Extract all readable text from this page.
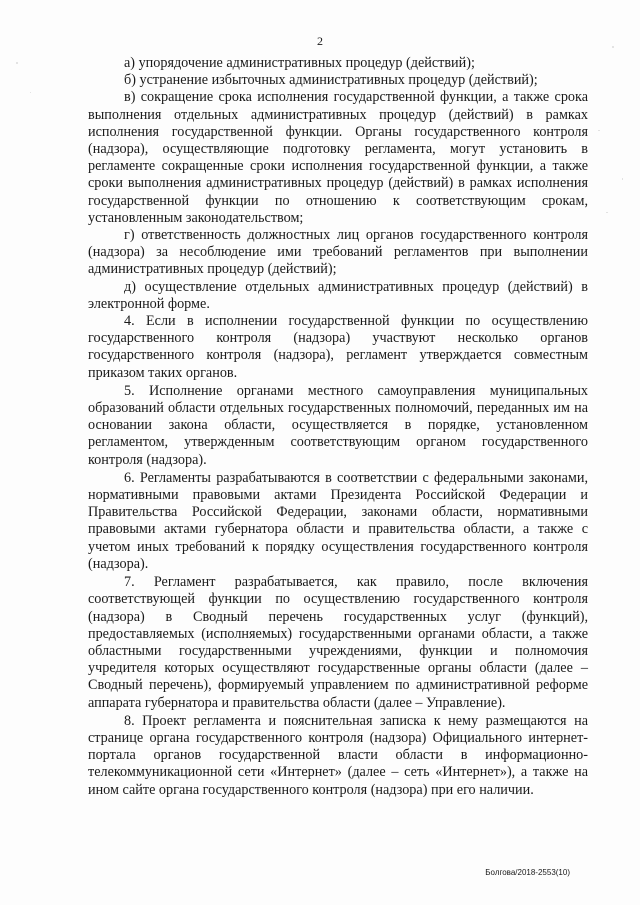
2

а) упорядочение административных процедур (действий);

б) устранение избыточных административных процедур (действий);

в) сокращение срока исполнения государственной функции, а также срока выполнения отдельных административных процедур (действий) в рамках исполнения государственной функции. Органы государственного контроля (надзора), осуществляющие подготовку регламента, могут установить в регламенте сокращенные сроки исполнения государственной функции, а также сроки выполнения административных процедур (действий) в рамках исполнения государственной функции по отношению к соответствующим срокам, установленным законодательством;

г) ответственность должностных лиц органов государственного контроля (надзора) за несоблюдение ими требований регламентов при выполнении административных процедур (действий);

д) осуществление отдельных административных процедур (действий) в электронной форме.

4. Если в исполнении государственной функции по осуществлению государственного контроля (надзора) участвуют несколько органов государственного контроля (надзора), регламент утверждается совместным приказом таких органов.

5. Исполнение органами местного самоуправления муниципальных образований области отдельных государственных полномочий, переданных им на основании закона области, осуществляется в порядке, установленном регламентом, утвержденным соответствующим органом государственного контроля (надзора).

6. Регламенты разрабатываются в соответствии с федеральными законами, нормативными правовыми актами Президента Российской Федерации и Правительства Российской Федерации, законами области, нормативными правовыми актами губернатора области и правительства области, а также с учетом иных требований к порядку осуществления государственного контроля (надзора).

7. Регламент разрабатывается, как правило, после включения соответствующей функции по осуществлению государственного контроля (надзора) в Сводный перечень государственных услуг (функций), предоставляемых (исполняемых) государственными органами области, а также областными государственными учреждениями, функции и полномочия учредителя которых осуществляют государственные органы области (далее – Сводный перечень), формируемый управлением по административной реформе аппарата губернатора и правительства области (далее – Управление).

8. Проект регламента и пояснительная записка к нему размещаются на странице органа государственного контроля (надзора) Официального интернет-портала органов государственной власти области в информационно-телекоммуникационной сети «Интернет» (далее – сеть «Интернет»), а также на ином сайте органа государственного контроля (надзора) при его наличии.

Болгова/2018-2553(10)
